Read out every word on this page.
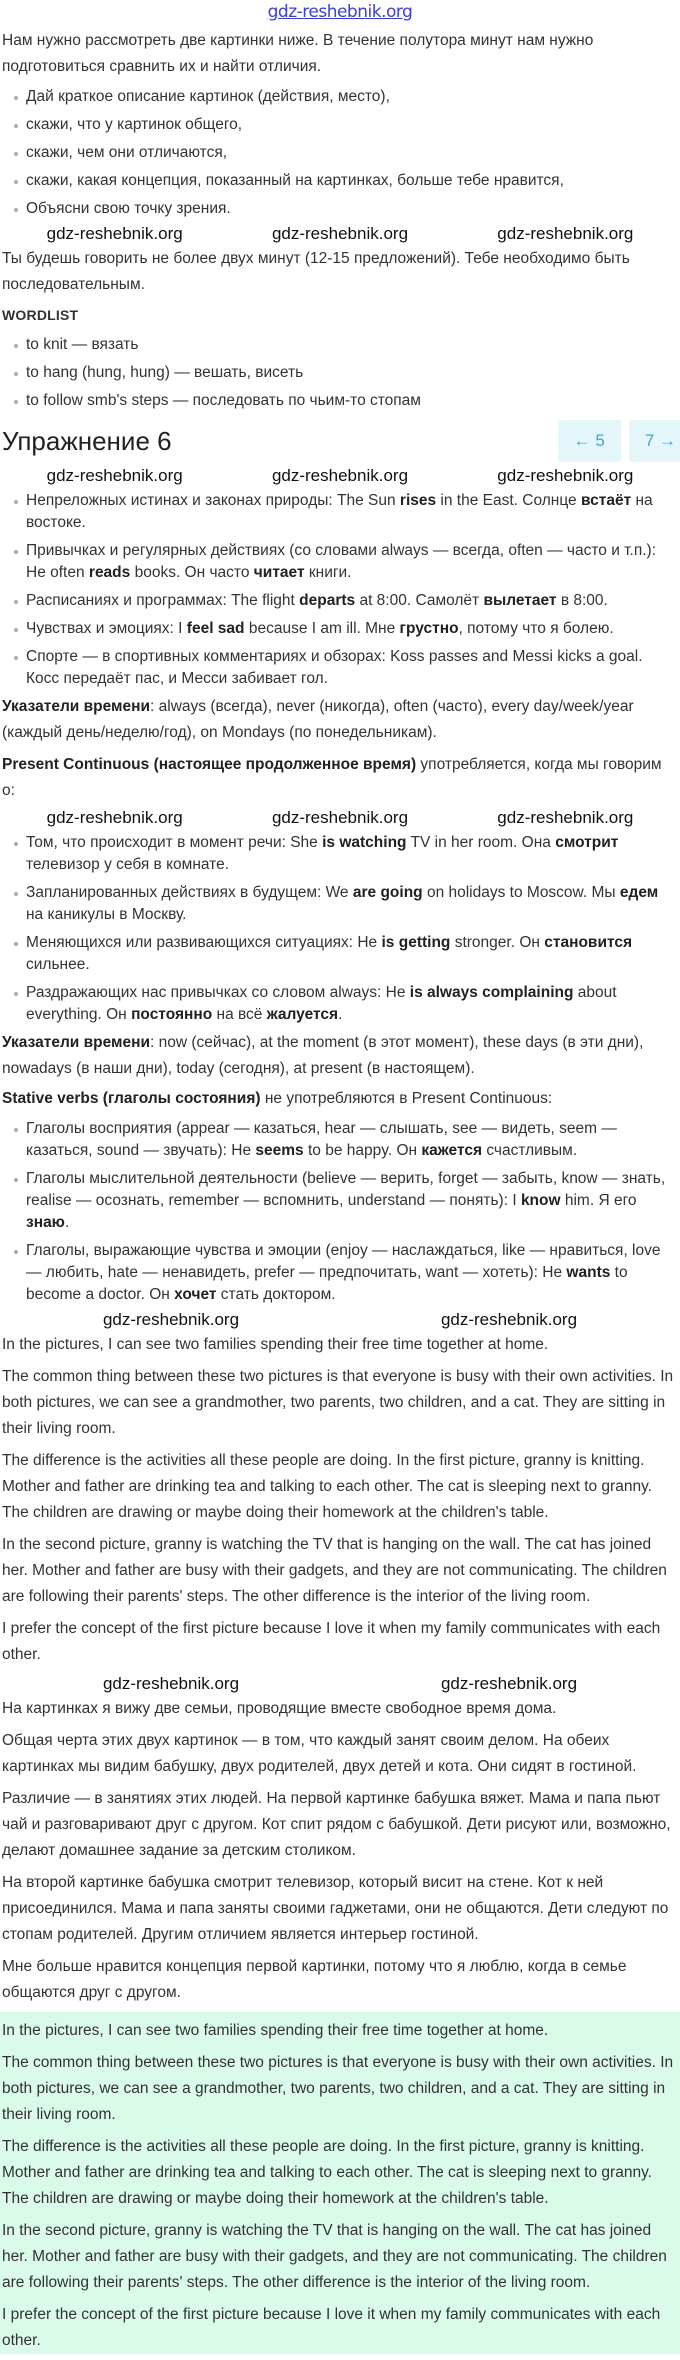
gdz-reshebnik.org

Нам нужно рассмотреть две картинки ниже. В течение полутора минут нам нужно подготовиться сравнить их и найти отличия.

Дай краткое описание картинок (действия, место),
скажи, что у картинок общего,
скажи, чем они отличаются,
скажи, какая концепция, показанный на картинках, больше тебе нравится,
Объясни свою точку зрения.
gdz-reshebnik.org	gdz-reshebnik.org	gdz-reshebnik.org

Ты будешь говорить не более двух минут (12-15 предложений). Тебе необходимо быть последовательным.

WORDLIST
to knit — вязать
to hang (hung, hung) — вешать, висеть
to follow smb's steps — последовать по чьим-то стопам
Упражнение 6	← 5	7 →
gdz-reshebnik.org	gdz-reshebnik.org	gdz-reshebnik.org
Непреложных истинах и законах природы: The Sun rises in the East. Солнце встаёт на востоке.
Привычках и регулярных действиях (со словами always — всегда, often — часто и т.п.): He often reads books. Он часто читает книги.
Расписаниях и программах: The flight departs at 8:00. Самолёт вылетает в 8:00.
Чувствах и эмоциях: I feel sad because I am ill. Мне грустно, потому что я болею.
Спорте — в спортивных комментариях и обзорах: Koss passes and Messi kicks a goal. Косс передаёт пас, и Месси забивает гол.

Указатели времени: always (всегда), never (никогда), often (часто), every day/week/year (каждый день/неделю/год), on Mondays (по понедельникам).

Present Continuous (настоящее продолженное время) употребляется, когда мы говорим о:

gdz-reshebnik.org	gdz-reshebnik.org	gdz-reshebnik.org
Том, что происходит в момент речи: She is watching TV in her room. Она смотрит телевизор у себя в комнате.
Запланированных действиях в будущем: We are going on holidays to Moscow. Мы едем на каникулы в Москву.
Меняющихся или развивающихся ситуациях: He is getting stronger. Он становится сильнее.
Раздражающих нас привычках со словом always: He is always complaining about everything. Он постоянно на всё жалуется.

Указатели времени: now (сейчас), at the moment (в этот момент), these days (в эти дни), nowadays (в наши дни), today (сегодня), at present (в настоящем).

Stative verbs (глаголы состояния) не употребляются в Present Continuous:

Глаголы восприятия (appear — казаться, hear — слышать, see — видеть, seem — казаться, sound — звучать): He seems to be happy. Он кажется счастливым.
Глаголы мыслительной деятельности (believe — верить, forget — забыть, know — знать, realise — осознать, remember — вспомнить, understand — понять): I know him. Я его знаю.
Глаголы, выражающие чувства и эмоции (enjoy — наслаждаться, like — нравиться, love — любить, hate — ненавидеть, prefer — предпочитать, want — хотеть): He wants to become a doctor. Он хочет стать доктором.
gdz-reshebnik.org	gdz-reshebnik.org

In the pictures, I can see two families spending their free time together at home.

The common thing between these two pictures is that everyone is busy with their own activities. In both pictures, we can see a grandmother, two parents, two children, and a cat. They are sitting in their living room.

The difference is the activities all these people are doing. In the first picture, granny is knitting. Mother and father are drinking tea and talking to each other. The cat is sleeping next to granny. The children are drawing or maybe doing their homework at the children's table.

In the second picture, granny is watching the TV that is hanging on the wall. The cat has joined her. Mother and father are busy with their gadgets, and they are not communicating. The children are following their parents' steps. The other difference is the interior of the living room.

I prefer the concept of the first picture because I love it when my family communicates with each other.

gdz-reshebnik.org	gdz-reshebnik.org

На картинках я вижу две семьи, проводящие вместе свободное время дома.

Общая черта этих двух картинок — в том, что каждый занят своим делом. На обеих картинках мы видим бабушку, двух родителей, двух детей и кота. Они сидят в гостиной.

Различие — в занятиях этих людей. На первой картинке бабушка вяжет. Мама и папа пьют чай и разговаривают друг с другом. Кот спит рядом с бабушкой. Дети рисуют или, возможно, делают домашнее задание за детским столиком.

На второй картинке бабушка смотрит телевизор, который висит на стене. Кот к ней присоединился. Мама и папа заняты своими гаджетами, они не общаются. Дети следуют по стопам родителей. Другим отличием является интерьер гостиной.

Мне больше нравится концепция первой картинки, потому что я люблю, когда в семье общаются друг с другом.

In the pictures, I can see two families spending their free time together at home.

The common thing between these two pictures is that everyone is busy with their own activities. In both pictures, we can see a grandmother, two parents, two children, and a cat. They are sitting in their living room.

The difference is the activities all these people are doing. In the first picture, granny is knitting. Mother and father are drinking tea and talking to each other. The cat is sleeping next to granny. The children are drawing or maybe doing their homework at the children's table.

In the second picture, granny is watching the TV that is hanging on the wall. The cat has joined her. Mother and father are busy with their gadgets, and they are not communicating. The children are following their parents' steps. The other difference is the interior of the living room.

I prefer the concept of the first picture because I love it when my family communicates with each other.
